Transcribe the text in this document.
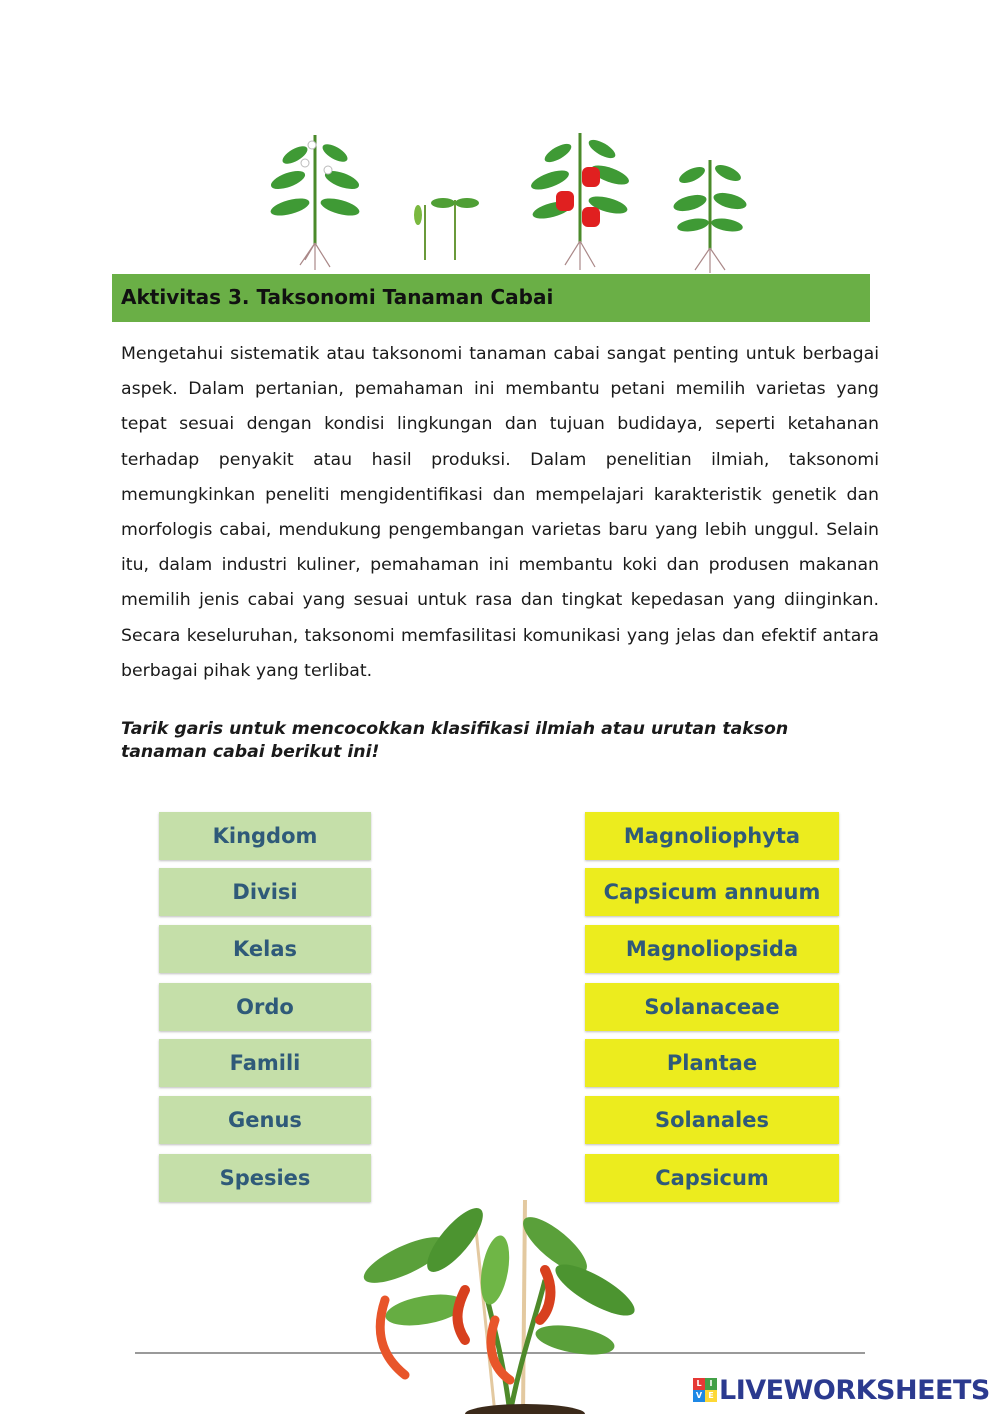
Aktivitas 3. Taksonomi Tanaman Cabai

Mengetahui sistematik atau taksonomi tanaman cabai sangat penting untuk berbagai aspek. Dalam pertanian, pemahaman ini membantu petani memilih varietas yang tepat sesuai dengan kondisi lingkungan dan tujuan budidaya, seperti ketahanan terhadap penyakit atau hasil produksi. Dalam penelitian ilmiah, taksonomi memungkinkan peneliti mengidentifikasi dan mempelajari karakteristik genetik dan morfologis cabai, mendukung pengembangan varietas baru yang lebih unggul. Selain itu, dalam industri kuliner, pemahaman ini membantu koki dan produsen makanan memilih jenis cabai yang sesuai untuk rasa dan tingkat kepedasan yang diinginkan. Secara keseluruhan, taksonomi memfasilitasi komunikasi yang jelas dan efektif antara berbagai pihak yang terlibat.

Tarik garis untuk mencocokkan klasifikasi ilmiah atau urutan takson tanaman cabai berikut ini!

Kingdom
Divisi
Kelas
Ordo
Famili
Genus
Spesies
Magnoliophyta
Capsicum annuum
Magnoliopsida
Solanaceae
Plantae
Solanales
Capsicum
L I
V E LIVEWORKSHEETS
